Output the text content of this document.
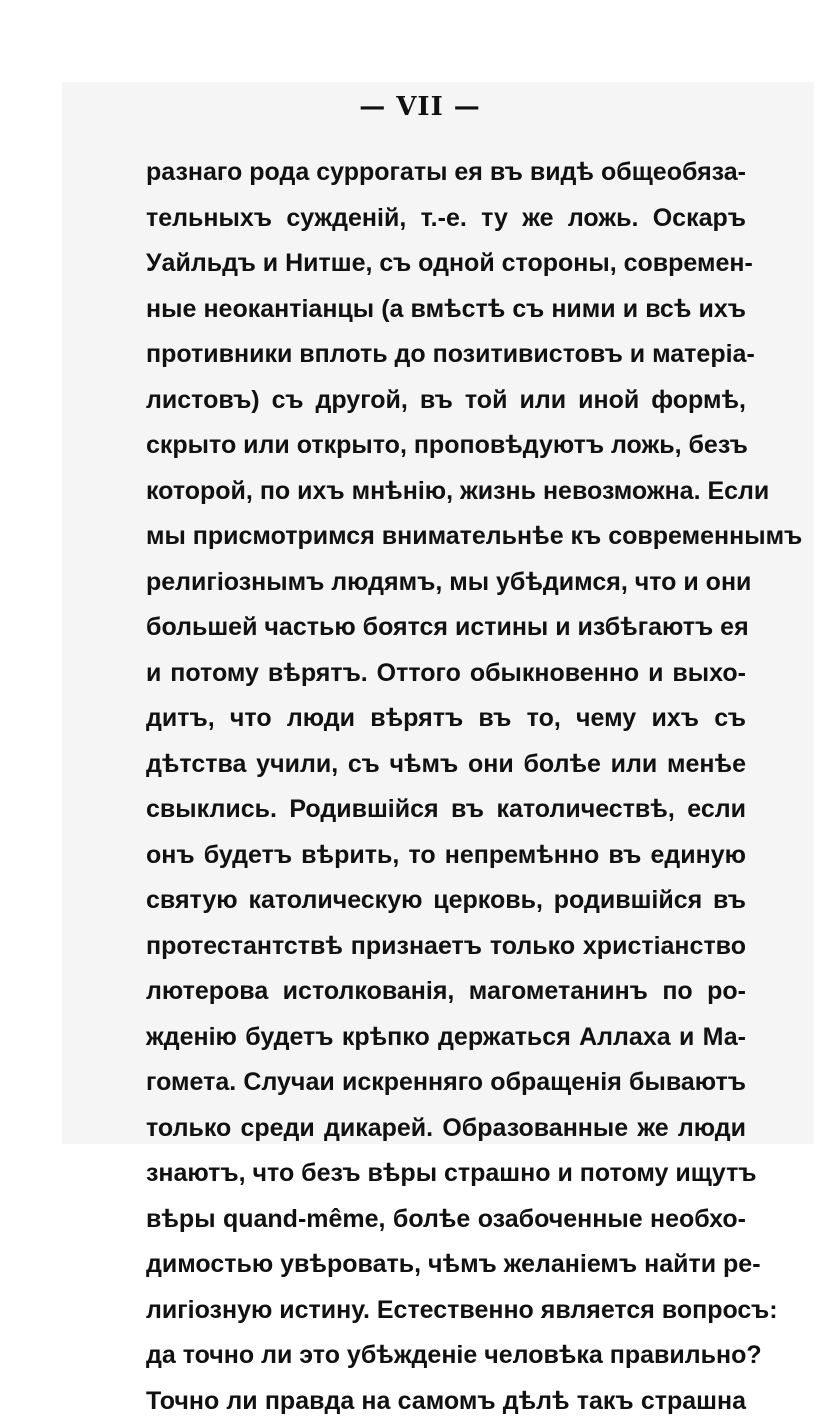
— VII —
разнаго рода суррогаты ея въ видѣ общеобяза-
тельныхъ сужденій, т.-е. ту же ложь. Оскаръ
Уайльдъ и Нитше, съ одной стороны, современ-
ные неокантіанцы (а вмѣстѣ съ ними и всѣ ихъ
противники вплоть до позитивистовъ и матеріа-
листовъ) съ другой, въ той или иной формѣ,
скрыто или открыто, проповѣдуютъ ложь, безъ
которой, по ихъ мнѣнію, жизнь невозможна. Если
мы присмотримся внимательнѣе къ современнымъ
религіознымъ людямъ, мы убѣдимся, что и они
большей частью боятся истины и избѣгаютъ ея
и потому вѣрятъ. Оттого обыкновенно и выхо-
дитъ, что люди вѣрятъ въ то, чему ихъ съ
дѣтства учили, съ чѣмъ они болѣе или менѣе
свыклись. Родившійся въ католичествѣ, если
онъ будетъ вѣрить, то непремѣнно въ единую
святую католическую церковь, родившійся въ
протестантствѣ признаетъ только христіанство
лютерова истолкованія, магометанинъ по ро-
жденію будетъ крѣпко держаться Аллаха и Ма-
гомета. Случаи искренняго обращенія бываютъ
только среди дикарей. Образованные же люди
знаютъ, что безъ вѣры страшно и потому ищутъ
вѣры quand-même, болѣе озабоченные необхо-
димостью увѣровать, чѣмъ желаніемъ найти ре-
лигіозную истину. Естественно является вопросъ:
да точно ли это убѣжденіе человѣка правильно?
Точно ли правда на самомъ дѣлѣ такъ страшна
